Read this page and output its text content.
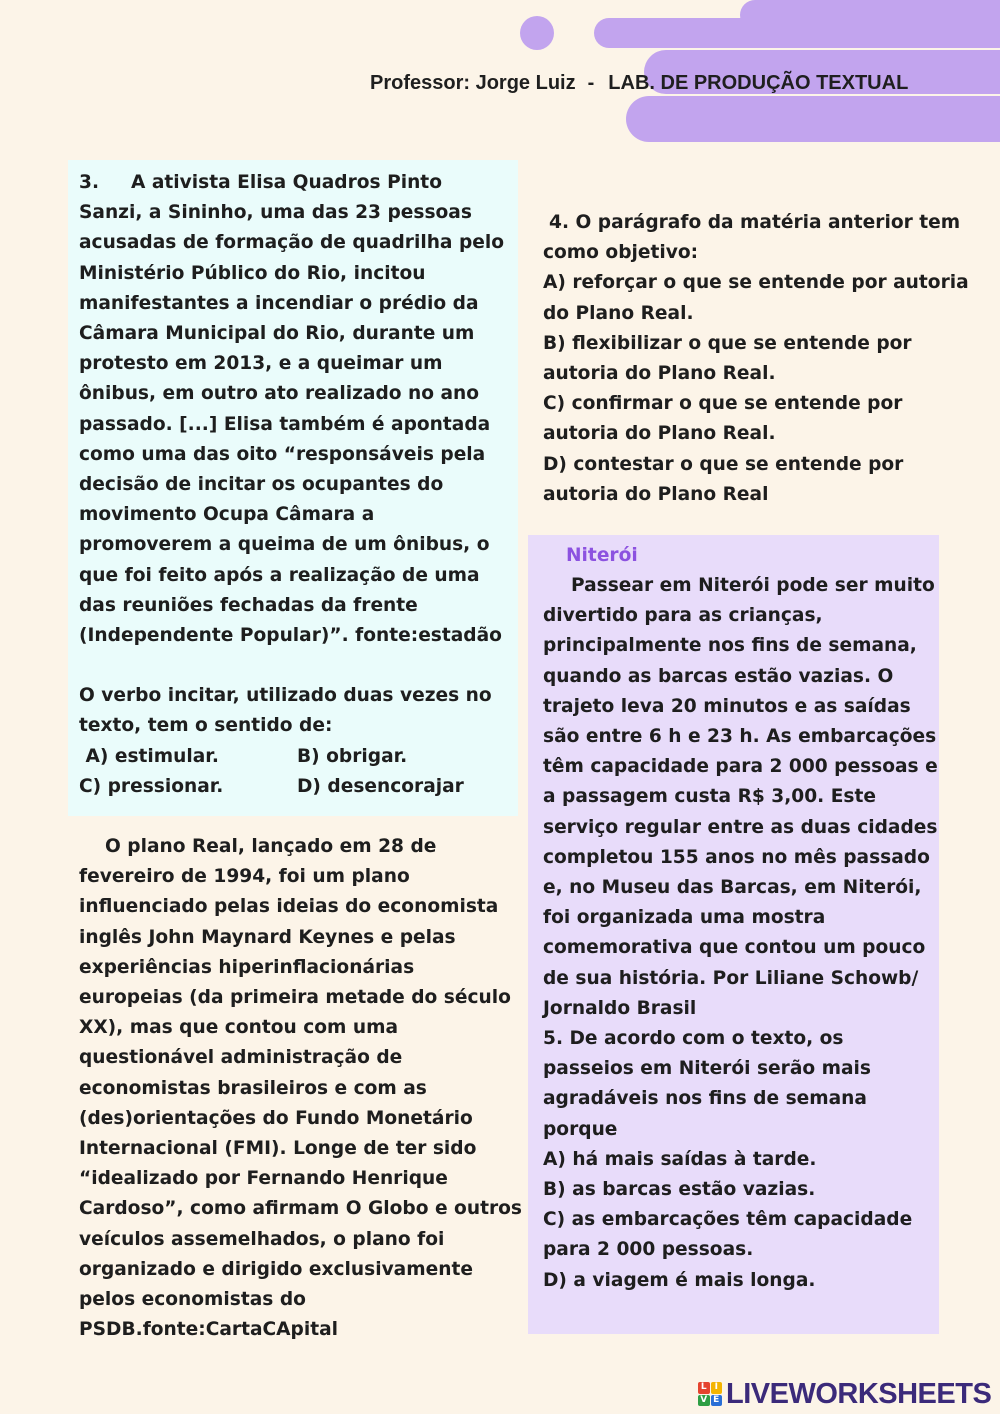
Professor: Jorge Luiz - LAB. DE PRODUÇÃO TEXTUAL

3. A ativista Elisa Quadros Pinto

Sanzi, a Sininho, uma das 23 pessoas
acusadas de formação de quadrilha pelo
Ministério Público do Rio, incitou
manifestantes a incendiar o prédio da
Câmara Municipal do Rio, durante um
protesto em 2013, e a queimar um
ônibus, em outro ato realizado no ano
passado. [...] Elisa também é apontada
como uma das oito “responsáveis pela
decisão de incitar os ocupantes do
movimento Ocupa Câmara a
promoverem a queima de um ônibus, o
que foi feito após a realização de uma
das reuniões fechadas da frente
(Independente Popular)”. fonte:estadão

O verbo incitar, utilizado duas vezes no
texto, tem o sentido de:

A) estimular.	B) obrigar.
C) pressionar.	D) desencorajar

O plano Real, lançado em 28 de fevereiro de 1994, foi um plano influenciado pelas ideias do economista inglês John Maynard Keynes e pelas experiências hiperinflacionárias europeias (da primeira metade do século XX), mas que contou com uma questionável administração de economistas brasileiros e com as (des)orientações do Fundo Monetário Internacional (FMI). Longe de ter sido “idealizado por Fernando Henrique Cardoso”, como afirmam O Globo e outros veículos assemelhados, o plano foi organizado e dirigido exclusivamente pelos economistas do PSDB.fonte:CartaCApital

4. O parágrafo da matéria anterior tem como objetivo:

A) reforçar o que se entende por autoria do Plano Real.

B) flexibilizar o que se entende por autoria do Plano Real.

C) confirmar o que se entende por autoria do Plano Real.

D) contestar o que se entende por autoria do Plano Real

Niterói

Passear em Niterói pode ser muito divertido para as crianças, principalmente nos fins de semana, quando as barcas estão vazias. O trajeto leva 20 minutos e as saídas são entre 6 h e 23 h. As embarcações têm capacidade para 2 000 pessoas e a passagem custa R$ 3,00. Este serviço regular entre as duas cidades completou 155 anos no mês passado e, no Museu das Barcas, em Niterói, foi organizada uma mostra comemorativa que contou um pouco de sua história. Por Liliane Schowb/ Jornaldo Brasil

5. De acordo com o texto, os passeios em Niterói serão mais agradáveis nos fins de semana porque

A) há mais saídas à tarde.

B) as barcas estão vazias.

C) as embarcações têm capacidade para 2 000 pessoas.

D) a viagem é mais longa.

L I
V E LIVEWORKSHEETS
